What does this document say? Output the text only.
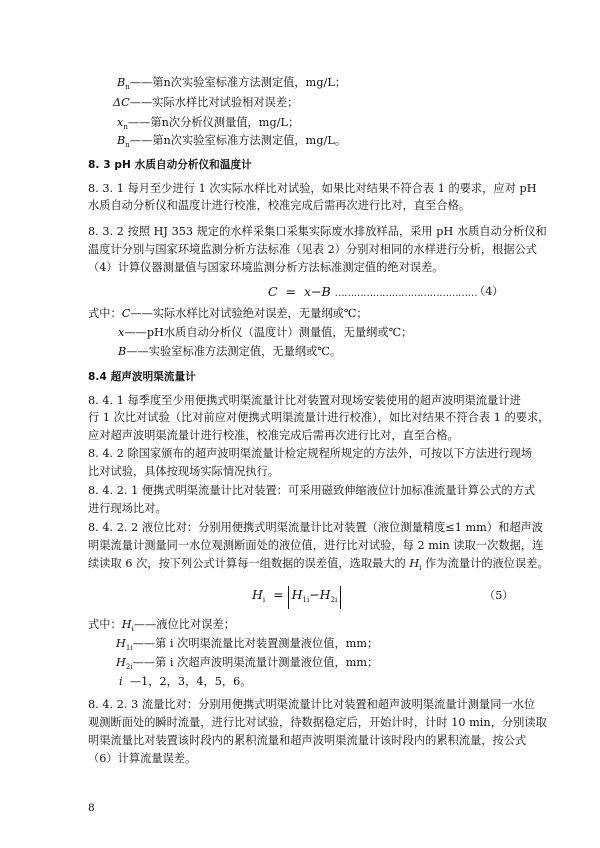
$B_n——$第n次实验室标准方法测定值，mg/L；
ΔC——实际水样比对试验相对误差；
$x_n——$第n次分析仪测量值，mg/L；
$B_n——$第n次实验室标准方法测定值，mg/L。
8. 3 pH 水质自动分析仪和温度计
8. 3. 1 每月至少进行 1 次实际水样比对试验，如果比对结果不符合表 1 的要求，应对 pH
水质自动分析仪和温度计进行校准，校准完成后需再次进行比对，直至合格。
8. 3. 2 按照 HJ 353 规定的水样采集口采集实际废水排放样品，采用 pH 水质自动分析仪和
温度计分别与国家环境监测分析方法标准（见表 2）分别对相同的水样进行分析，根据公式
（4）计算仪器测量值与国家环境监测分析方法标准测定值的绝对误差。
C = x−B ………………………………………
（4）
式中：C——实际水样比对试验绝对误差，无量纲或℃；
x——pH水质自动分析仪（温度计）测量值，无量纲或℃；
B——实验室标准方法测定值，无量纲或℃。
8.4 超声波明渠流量计
8. 4. 1 每季度至少用便携式明渠流量计比对装置对现场安装使用的超声波明渠流量计进
行 1 次比对试验（比对前应对便携式明渠流量计进行校准），如比对结果不符合表 1 的要求，
应对超声波明渠流量计进行校准，校准完成后需再次进行比对，直至合格。
8. 4. 2 除国家颁布的超声波明渠流量计检定规程所规定的方法外，可按以下方法进行现场
比对试验，具体按现场实际情况执行。
8. 4. 2. 1 便携式明渠流量计比对装置：可采用磁致伸缩液位计加标准流量计算公式的方式
进行现场比对。
8. 4. 2. 2 液位比对：分别用便携式明渠流量计比对装置（液位测量精度≤1 mm）和超声波
明渠流量计测量同一水位观测断面处的液位值，进行比对试验，每 2 min 读取一次数据，连
续读取 6 次，按下列公式计算每一组数据的误差值，选取最大的 $H_i$ 作为流量计的液位误差。
$H_i = H_{1i}-H_{2i}$	（5）
式中：$H_i——$液位比对误差；
$H_{1i}——$第 i 次明渠流量比对装置测量液位值，mm；
$H_{2i}——$第 i 次超声波明渠流量计测量液位值，mm；
i —1，2，3，4，5，6。
8. 4. 2. 3 流量比对：分别用便携式明渠流量计比对装置和超声波明渠流量计测量同一水位
观测断面处的瞬时流量，进行比对试验，待数据稳定后，开始计时，计时 10 min，分别读取
明渠流量比对装置该时段内的累积流量和超声波明渠流量计该时段内的累积流量，按公式
（6）计算流量误差。
8
